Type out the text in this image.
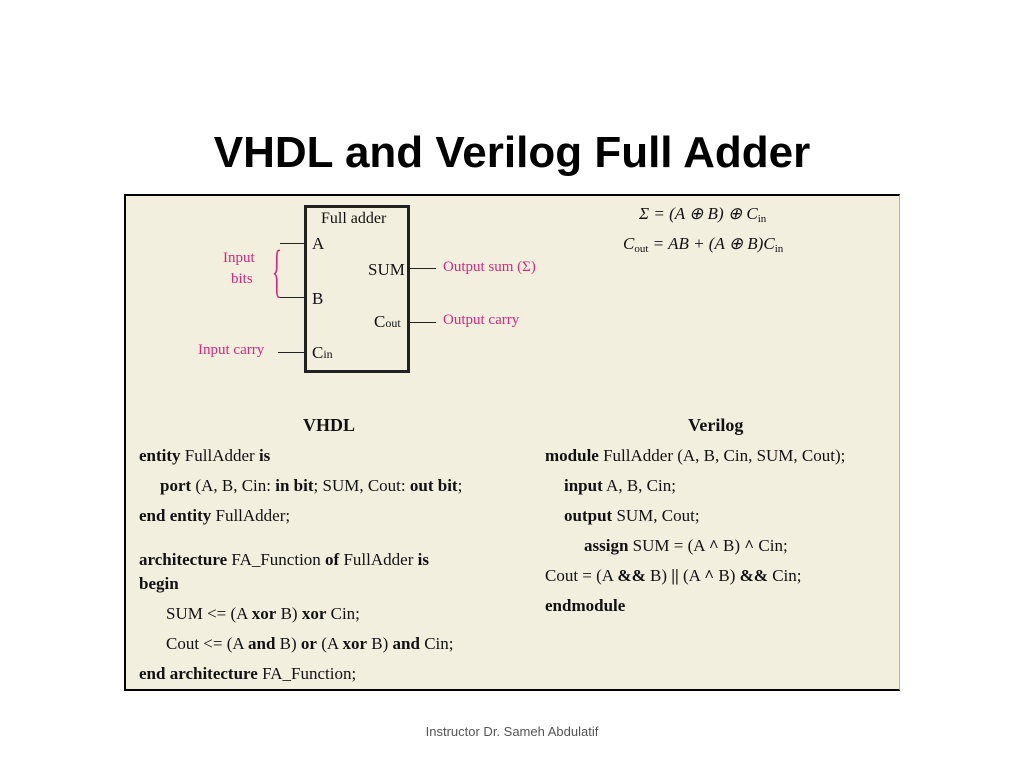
VHDL and Verilog Full Adder
Full adder
A
B
Cin
SUM
Cout
{
Input
bits
Input carry
Output sum (Σ)
Output carry
Σ = (A ⊕ B) ⊕ $C_{in}$
$C_{out}$ = AB + (A ⊕ $B)C_{in}$
VHDL
entity FullAdder is
port (A, B, Cin: in bit; SUM, Cout: out bit;
end entity FullAdder;
architecture FA_Function of FullAdder is
begin
SUM <= (A xor B) xor Cin;
Cout <= (A and B) or (A xor B) and Cin;
end architecture FA_Function;
Verilog
module FullAdder (A, B, Cin, SUM, Cout);
input A, B, Cin;
output SUM, Cout;
assign SUM = (A ^ B) ^ Cin;
Cout = (A && B) || (A ^ B) && Cin;
endmodule
Instructor Dr. Sameh Abdulatif
